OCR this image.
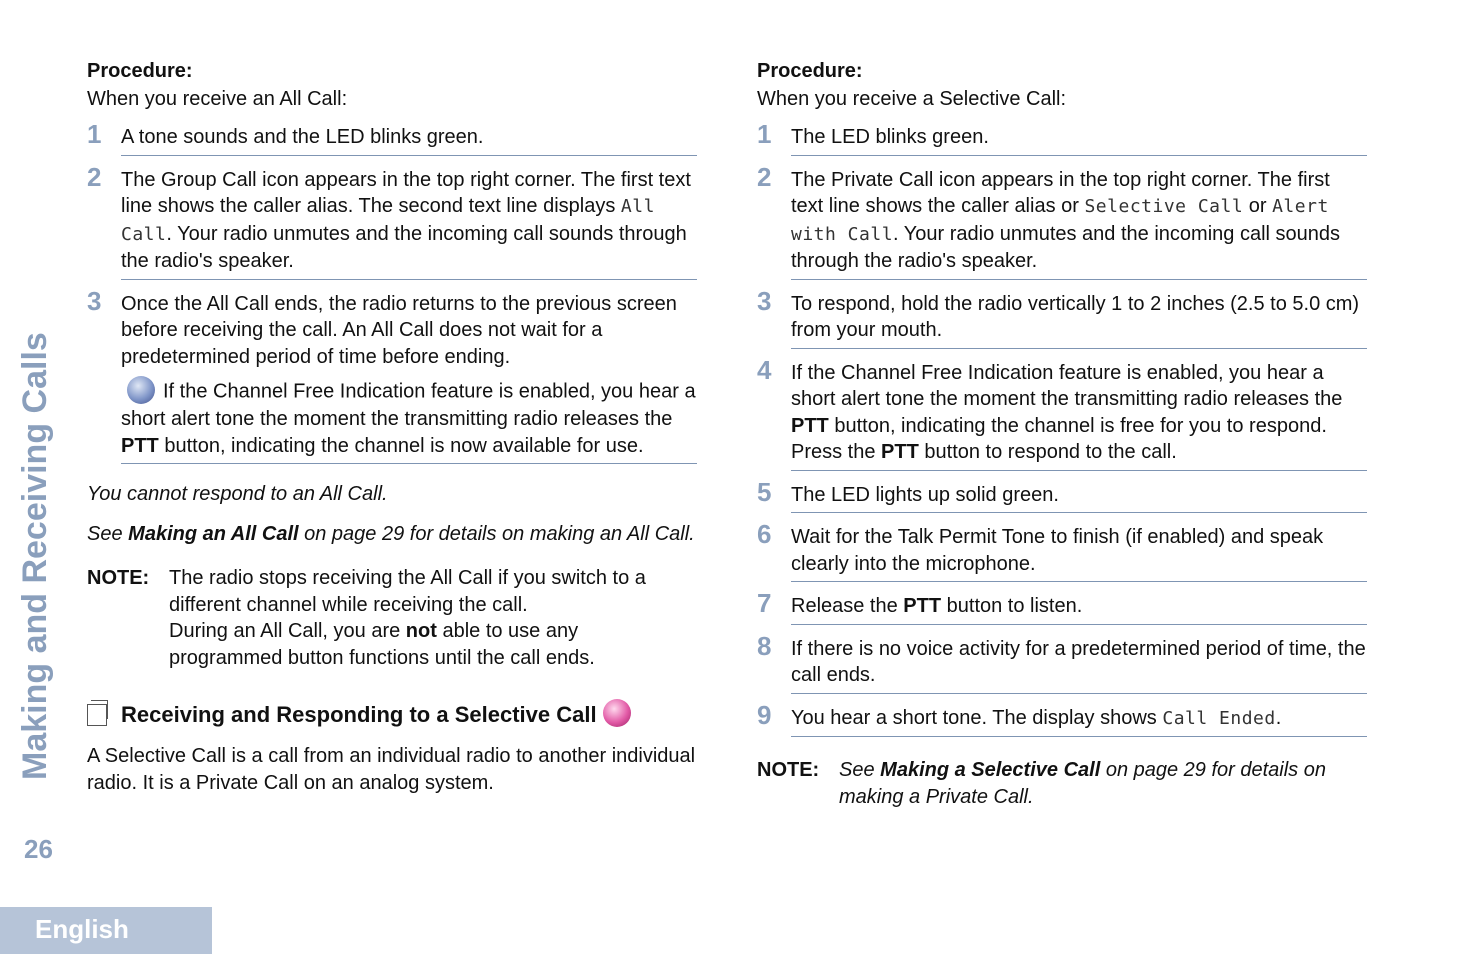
Making and Receiving Calls
26
English
Procedure:
When you receive an All Call:
1 A tone sounds and the LED blinks green.
2 The Group Call icon appears in the top right corner. The first text line shows the caller alias. The second text line displays All Call. Your radio unmutes and the incoming call sounds through the radio's speaker.
3 Once the All Call ends, the radio returns to the previous screen before receiving the call. An All Call does not wait for a predetermined period of time before ending.
If the Channel Free Indication feature is enabled, you hear a short alert tone the moment the transmitting radio releases the PTT button, indicating the channel is now available for use.
You cannot respond to an All Call.
See Making an All Call on page 29 for details on making an All Call.
NOTE: The radio stops receiving the All Call if you switch to a different channel while receiving the call.
During an All Call, you are not able to use any programmed button functions until the call ends.
Receiving and Responding to a Selective Call
A Selective Call is a call from an individual radio to another individual radio. It is a Private Call on an analog system.
Procedure:
When you receive a Selective Call:
1 The LED blinks green.
2 The Private Call icon appears in the top right corner. The first text line shows the caller alias or Selective Call or Alert with Call. Your radio unmutes and the incoming call sounds through the radio's speaker.
3 To respond, hold the radio vertically 1 to 2 inches (2.5 to 5.0 cm) from your mouth.
4 If the Channel Free Indication feature is enabled, you hear a short alert tone the moment the transmitting radio releases the PTT button, indicating the channel is free for you to respond.
Press the PTT button to respond to the call.
5 The LED lights up solid green.
6 Wait for the Talk Permit Tone to finish (if enabled) and speak clearly into the microphone.
7 Release the PTT button to listen.
8 If there is no voice activity for a predetermined period of time, the call ends.
9 You hear a short tone. The display shows Call Ended.
NOTE: See Making a Selective Call on page 29 for details on making a Private Call.
